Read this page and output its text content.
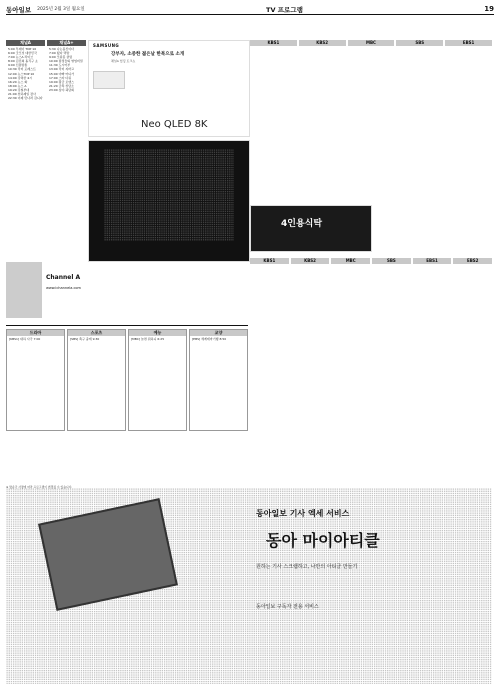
동아일보 2025년 2월 3일 월요일	TV 프로그램	19
채널A
5:00 투데이 TOP 10
6:00 굿모닝 대한민국
7:00 뉴스A 라이브
8:00 김진의 돌직구 쇼
9:00 신통방통
10:30 닥터 포레스트
12:00 뉴스TOP 10
14:00 강력한 4시
16:20 뉴스 화
18:00 뉴스 A
19:20 강철부대
21:00 천하제일 장사
22:30 이제 만나러 갑니다
채널A+
5:30 나는몸신이다
7:00 떴다 먹방
9:00 모란봉 클럽
10:00 탐정들의 영업비밀
11:30 도시어부
13:00 닥터 지바고
15:00 아빠 어디가
17:00 스타 다큐
19:00 황금 로맨스
21:20 금쪽 상담소
23:00 심야 괴담회
SAMSUNG
강부자, 소중한 젊은날 한복으로 소개
채널A 힐링 토크쇼
Neo QLED 8K
KBS1	KBS2	MBC	SBS	EBS1
4인용식탁
KBS1	KBS2	MBC	SBS	EBS1	EBS2
Channel A
www.ichannela.com
드라마
[KBS1] 대하 사극 7:00
스포츠
[SBS] 축구 중계 9:30
예능
[MBC] 놀면 뭐하니 6:25
교양
[EBS] 세계테마기행 8:50
동아일보 기사 엑세 서비스
동아 마이아티클
원하는 기사 스크랩하고, 나만의 아티클 만들기
동아일보 구독자 전용 서비스
※ 방송국 사정에 따라 프로그램이 변경될 수 있습니다.
